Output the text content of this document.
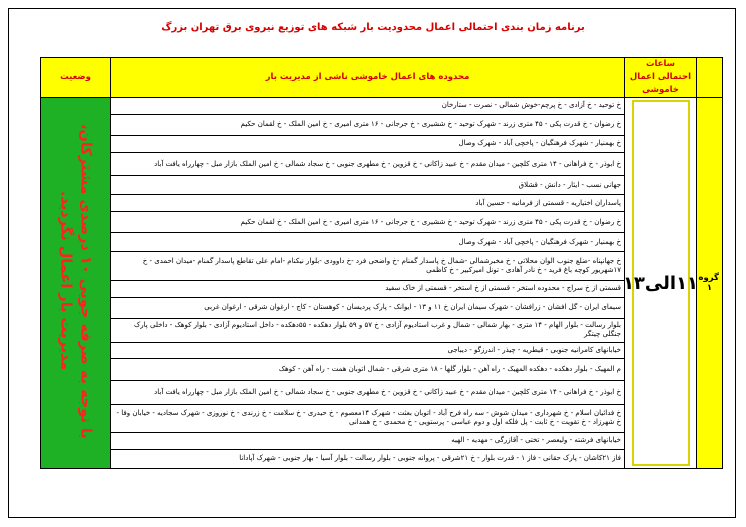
برنامه زمان بندی احتمالی اعمال محدودیت بار شبکه های توزیع نیروی برق تهران بزرگ
	ساعات احتمالی اعمال خاموشی	محدوده های اعمال خاموشی ناشی از مدیریت بار	وضعیت
گروه ۱	۱۱الی۱۳	خ توحید - خ آزادی - خ پرچم-خوش شمالی - نصرت - ستارخان	با توجه به صرفه جویی ۱۰ درصدی مشترکان، مدیریت بار اعمال نگردید.
		خ رضوان - خ قدرت پکی - ۴۵ متری زرند - شهرک توحید - خ ششیری - خ جرجانی - ۱۶ متری امیری - خ امین الملک - خ لقمان حکیم	
		خ بهمنیار - شهرک فرهنگیان - پاخچی آباد - شهرک وصال	
		خ ابوذر - خ فراهانی - ۱۴ متری کلچین - میدان مقدم - خ عبید زاکانی - خ قزوین - خ مطهری جنوبی - خ سجاد شمالی - خ امین الملک بازار مبل - چهارراه یافت آباد	
		جهانی نسب - ایثار - دانش - قشلاق	
		پاسداران اختیاریه - قسمتی از فرمانیه - حسین آباد	
		خ رضوان - خ قدرت پکی - ۴۵ متری زرند - شهرک توحید - خ ششیری - خ جرجانی - ۱۶ متری امیری - خ امین الملک - خ لقمان حکیم	
		خ بهمنیار - شهرک فرهنگیان - پاخچی آباد - شهرک وصال	
		خ جهانپناه -ضلع جنوب الوان محلاتی - خ مخبرشمالی -شمال خ پاسدار گمنام -خ واضحی فرد -خ داوودی -بلوار نیکنام -امام علی تقاطع پاسدار گمنام -میدان احمدی - خ ۱۷شهریور کوچه باغ فرید - خ نادر آهادی - تونل امیرکبیر - خ کاظمی	
		قسمتی از خ سراج - محدوده استخر - قسمتی از خ استخر - قسمتی از خاک سفید	
		سیمای ایران - گل افشان - زرافشان - شهرک سیمان ایران خ ۱۱ و ۱۳ - ایوانک - پارک پردیسان - کوهستان - کاج - ارغوان شرقی - ارغوان غربی	
		بلوار رسالت - بلوار الهام - ۱۴ متری - بهار شمالی - شمال و غرب استادیوم آزادی - خ ۵۷ و ۵۹ بلوار دهکده - ۵۵دهکده - داخل استادیوم آزادی - بلوار کوهک - داخلی پارک جنگلی چیتگر	
		خیابانهای کامرانیه جنوبی - قیطریه - چیذر - اندرزگو - دیباجی	
		م المهیک - بلوار دهکده - دهکده المهیک - راه آهن - بلوار گلها - ۱۸ متری شرقی - شمال اتوبان همت - راه آهن - کوهک	
		خ ابوذر - خ فراهانی - ۱۴ متری کلچین - میدان مقدم - خ عبید زاکانی - خ قزوین - خ مطهری جنوبی - خ سجاد شمالی - خ امین الملک بازار مبل - چهارراه یافت آباد	
		خ فدائیان اسلام - خ شهرداری - میدان شوش - سه راه فرح آباد - اتوبان بعثت - شهرک ۱۴معصوم - خ حیدری - خ سلامت - خ زرندی - خ نوروزی - شهرک سجادیه - خیابان وفا - خ شهرزاد - خ تقویت - خ ثابت - پل فلکه اول و دوم عباسی - پرستویی - خ محمدی - خ همدانی	
		خیابانهای فرشته - ولیعصر - تختی - آقازرگی - مهدیه - الهیه	
		فاز ۲۱کاشان - پارک حقانی - فاز ۱ - قدرت بلوار - خ ۲۱شرقی - پروانه جنوبی - بلوار رسالت - بلوار آسیا - بهار جنوبی - شهرک آپادانا	
